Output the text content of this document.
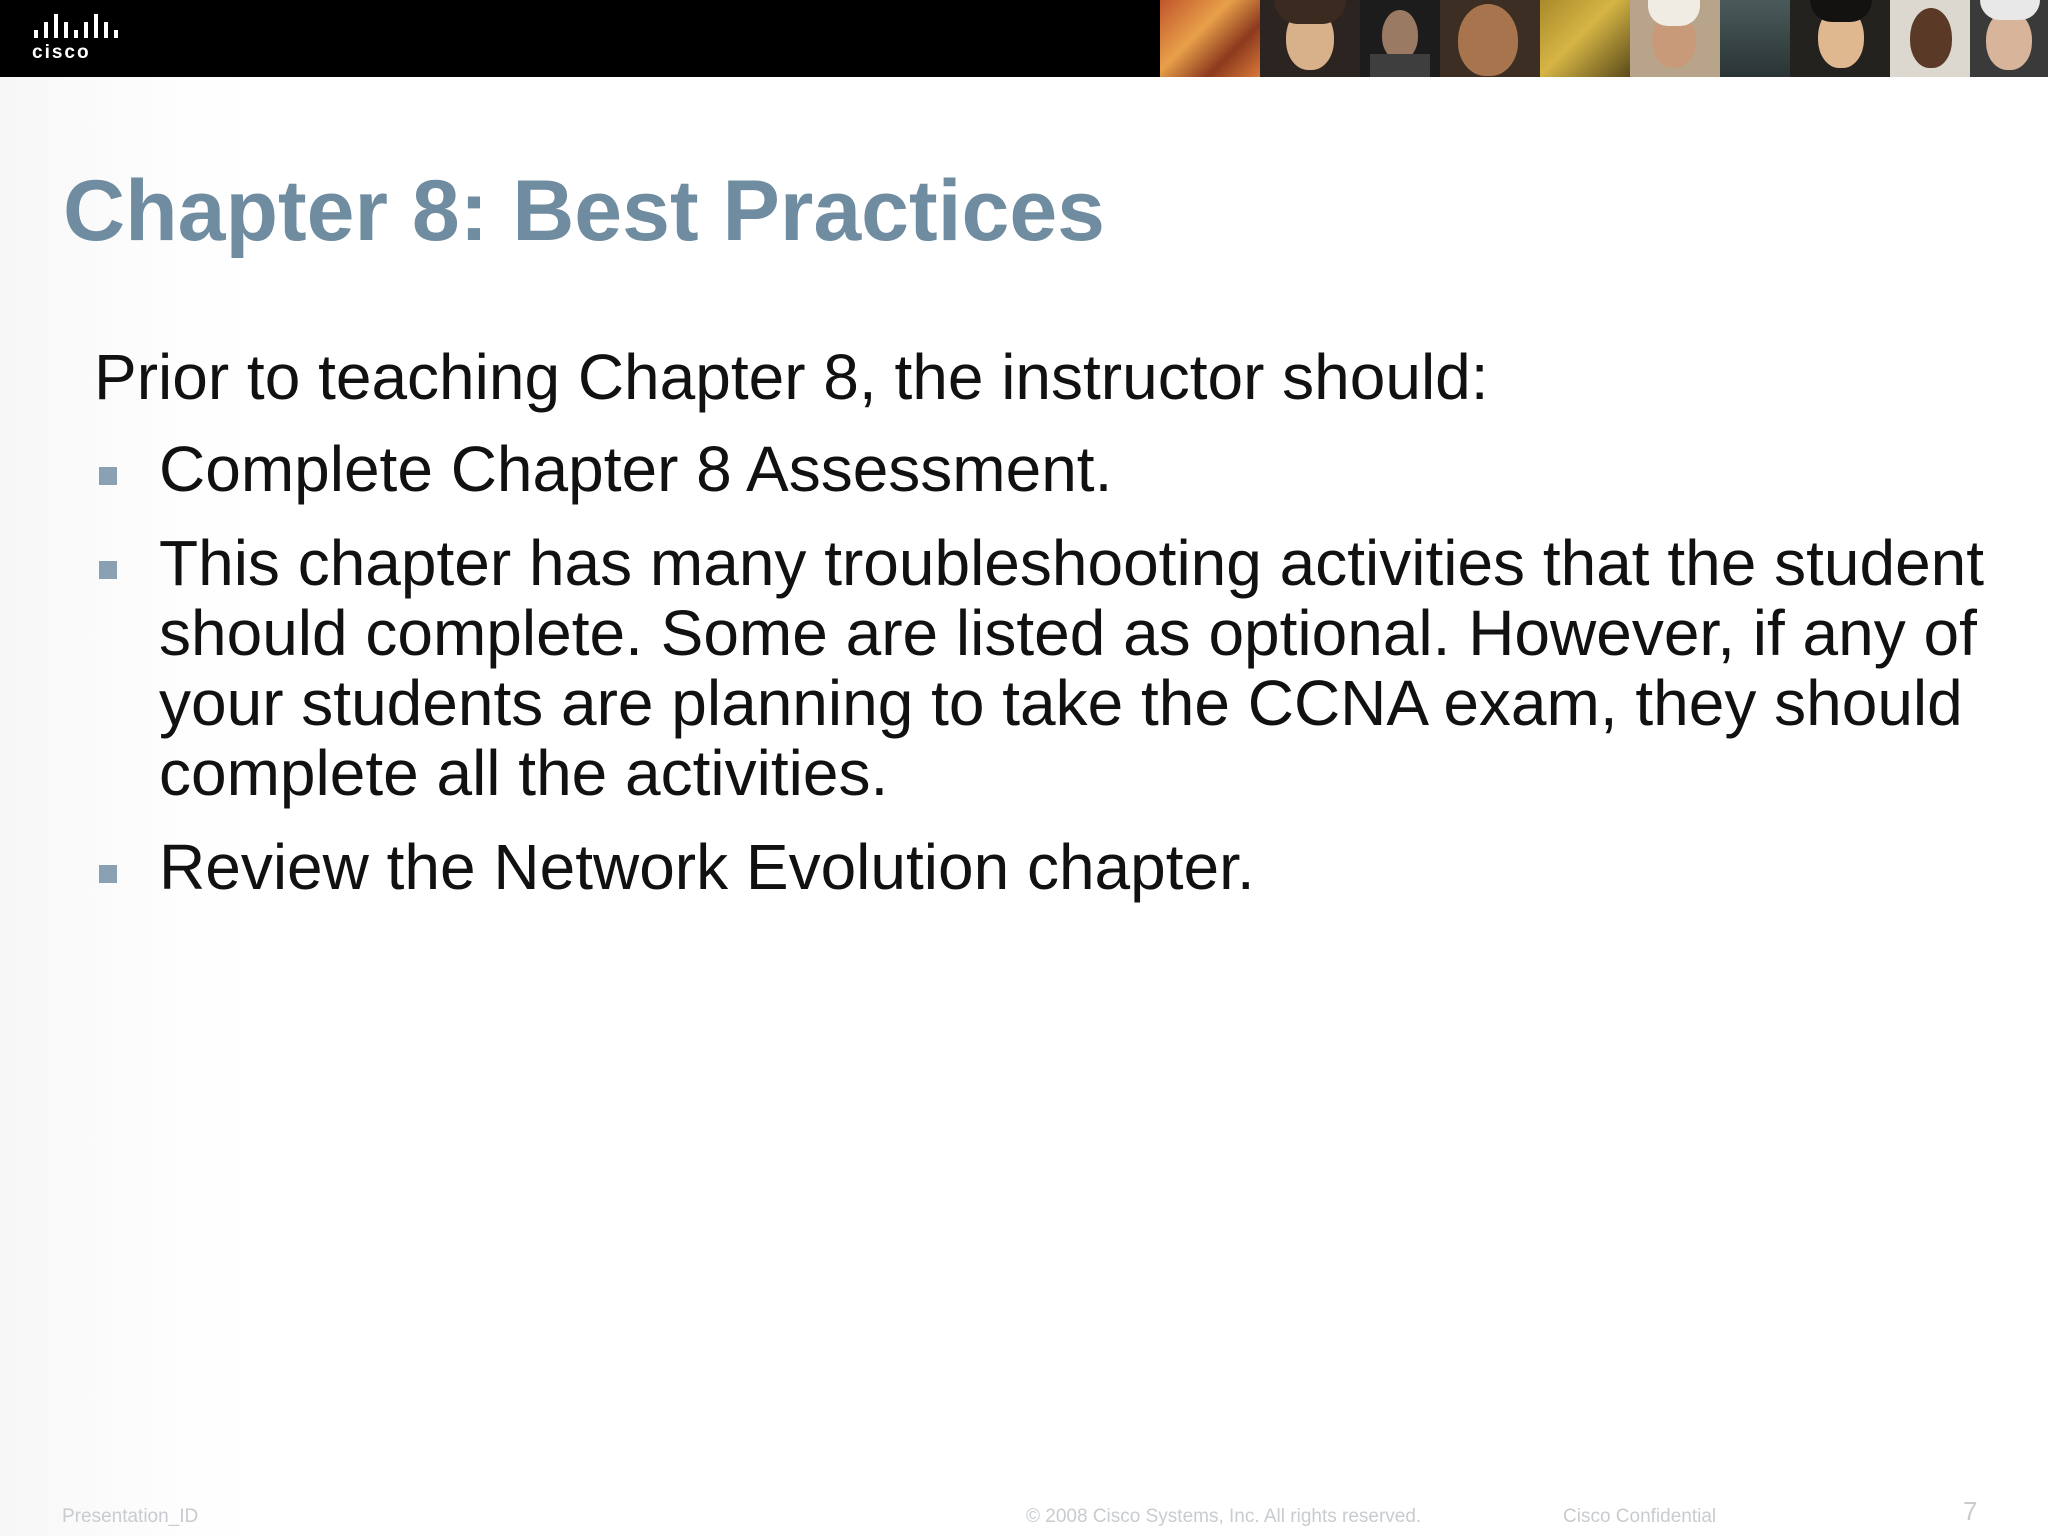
cisco
Chapter 8: Best Practices
Prior to teaching Chapter 8, the instructor should:
Complete Chapter 8 Assessment.
This chapter has many troubleshooting activities that the student should complete. Some are listed as optional. However, if any of your students are planning to take the CCNA exam, they should complete all the activities.
Review the Network Evolution chapter.
Presentation_ID	© 2008 Cisco Systems, Inc. All rights reserved.	Cisco Confidential	7
